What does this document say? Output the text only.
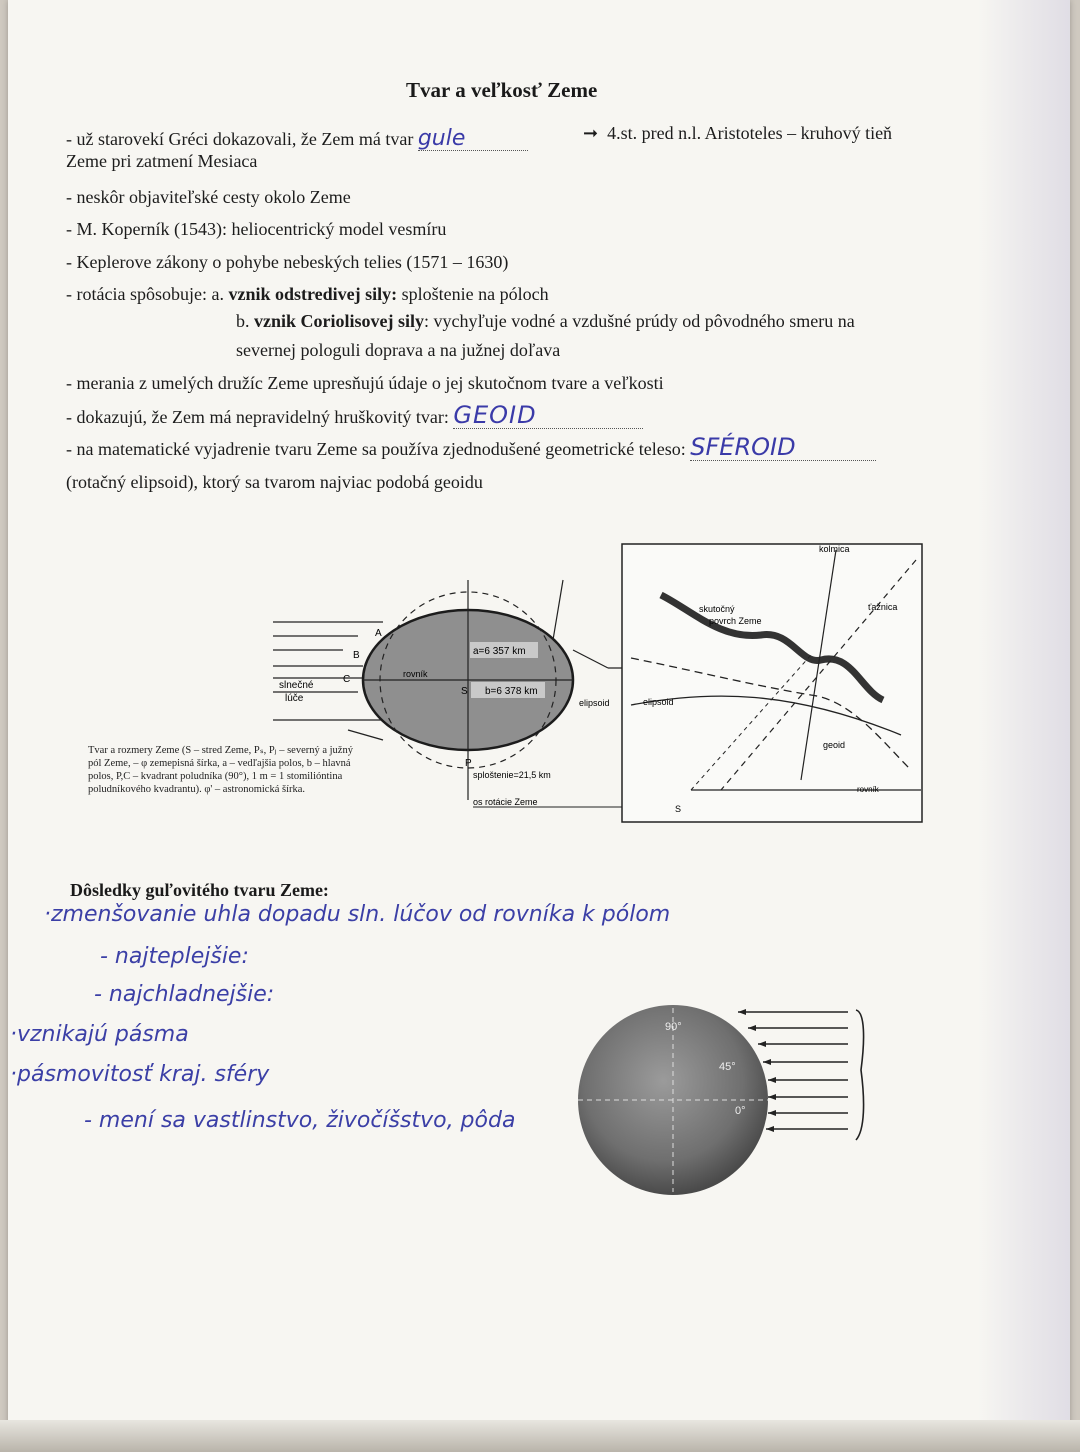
Tvar a veľkosť Zeme
- už starovekí Gréci dokazovali, že Zem má tvar gule	➞ 4.st. pred n.l. Aristoteles – kruhový tieň
Zeme pri zatmení Mesiaca
- neskôr objaviteľské cesty okolo Zeme
- M. Koperník (1543): heliocentrický model vesmíru
- Keplerove zákony o pohybe nebeských telies (1571 – 1630)
- rotácia spôsobuje: a. vznik odstredivej sily: sploštenie na póloch
b. vznik Coriolisovej sily: vychyľuje vodné a vzdušné prúdy od pôvodného smeru na
severnej pologuli doprava a na južnej doľava
- merania z umelých družíc Zeme upresňujú údaje o jej skutočnom tvare a veľkosti
- dokazujú, že Zem má nepravidelný hruškovitý tvar: GEOID
- na matematické vyjadrenie tvaru Zeme sa používa zjednodušené geometrické teleso: SFÉROID
(rotačný elipsoid), ktorý sa tvarom najviac podobá geoidu
A
B
C
S
P
a=6 357 km
b=6 378 km
rovník
slnečné
lúče	elipsoid
sploštenie=21,5 km
os rotácie Zeme
Tvar a rozmery Zeme (S – stred Zeme, Pₛ, Pⱼ – severný a južný pól Zeme, – φ zemepisná šírka, a – vedľajšia polos, b – hlavná polos, P,C – kvadrant poludníka (90°), 1 m = 1 stomilióntina poludníkového kvadrantu). φ' – astronomická šírka.
kolmica
ťažnica
skutočný
povrch Zeme
elipsoid
geoid
rovník
S
Dôsledky guľovitého tvaru Zeme:
·zmenšovanie uhla dopadu sln. lúčov od rovníka k pólom
- najteplejšie:
- najchladnejšie:
·vznikajú pásma
·pásmovitosť kraj. sféry
- mení sa vastlinstvo, živočíšstvo, pôda
90°
45°
0°
